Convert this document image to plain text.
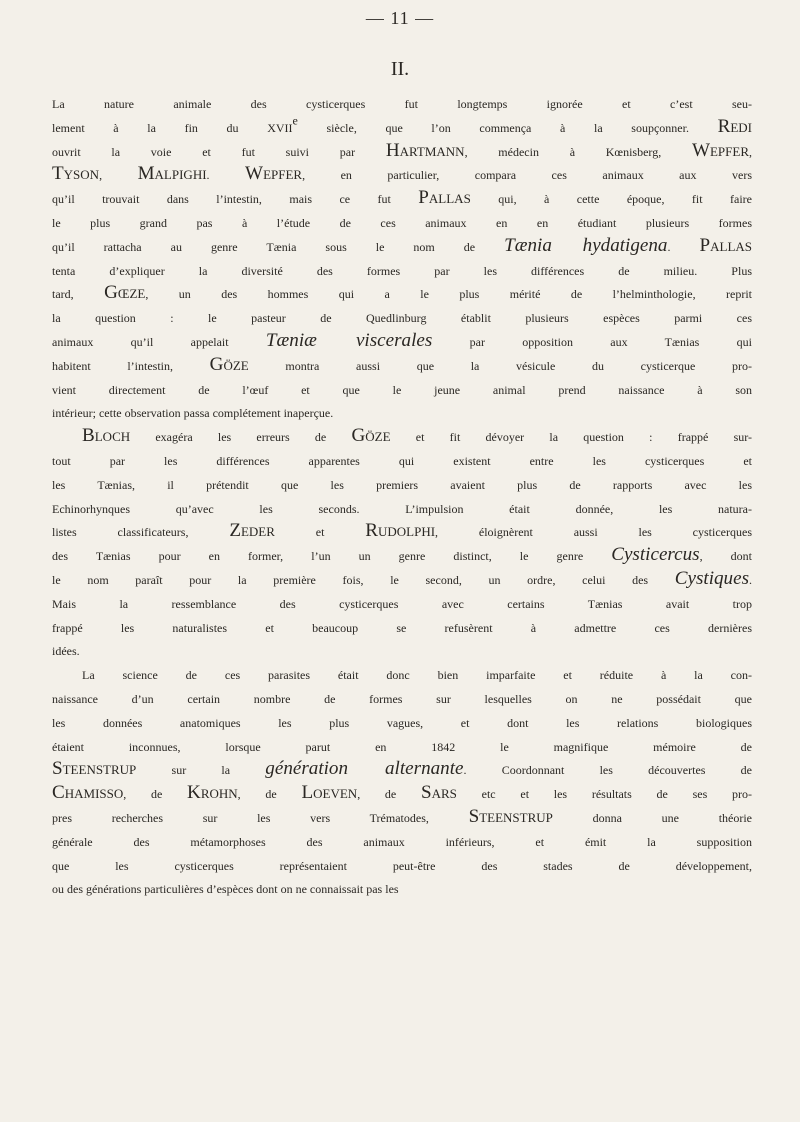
— 11 —
II.
La nature animale des cysticerques fut longtemps ignorée et c’est seu-
lement à la fin du XVIIe siècle, que l’on commença à la soupçonner. Redi
ouvrit la voie et fut suivi par Hartmann, médecin à Kœnisberg, Wepfer,
Tyson, Malpighi. Wepfer, en particulier, compara ces animaux aux vers
qu’il trouvait dans l’intestin, mais ce fut Pallas qui, à cette époque, fit faire
le plus grand pas à l’étude de ces animaux en en étudiant plusieurs formes
qu’il rattacha au genre Tænia sous le nom de Tænia hydatigena. Pallas
tenta d’expliquer la diversité des formes par les différences de milieu. Plus
tard, Gœze, un des hommes qui a le plus mérité de l’helminthologie, reprit
la question : le pasteur de Quedlinburg établit plusieurs espèces parmi ces
animaux qu’il appelait Tæniæ viscerales par opposition aux Tænias qui
habitent l’intestin, Göze montra aussi que la vésicule du cysticerque pro-
vient directement de l’œuf et que le jeune animal prend naissance à son
intérieur; cette observation passa complétement inaperçue.
Bloch exagéra les erreurs de Göze et fit dévoyer la question : frappé sur-
tout par les différences apparentes qui existent entre les cysticerques et
les Tænias, il prétendit que les premiers avaient plus de rapports avec les
Echinorhynques qu’avec les seconds. L’impulsion était donnée, les natura-
listes classificateurs, Zeder et Rudolphi, éloignèrent aussi les cysticerques
des Tænias pour en former, l’un un genre distinct, le genre Cysticercus, dont
le nom paraît pour la première fois, le second, un ordre, celui des Cystiques.
Mais la ressemblance des cysticerques avec certains Tænias avait trop
frappé les naturalistes et beaucoup se refusèrent à admettre ces dernières
idées.
La science de ces parasites était donc bien imparfaite et réduite à la con-
naissance d’un certain nombre de formes sur lesquelles on ne possédait que
les données anatomiques les plus vagues, et dont les relations biologiques
étaient inconnues, lorsque parut en 1842 le magnifique mémoire de
Steenstrup sur la génération alternante. Coordonnant les découvertes de
Chamisso, de Krohn, de Loeven, de Sars etc et les résultats de ses pro-
pres recherches sur les vers Trématodes, Steenstrup donna une théorie
générale des métamorphoses des animaux inférieurs, et émit la supposition
que les cysticerques représentaient peut-être des stades de développement,
ou des générations particulières d’espèces dont on ne connaissait pas les
